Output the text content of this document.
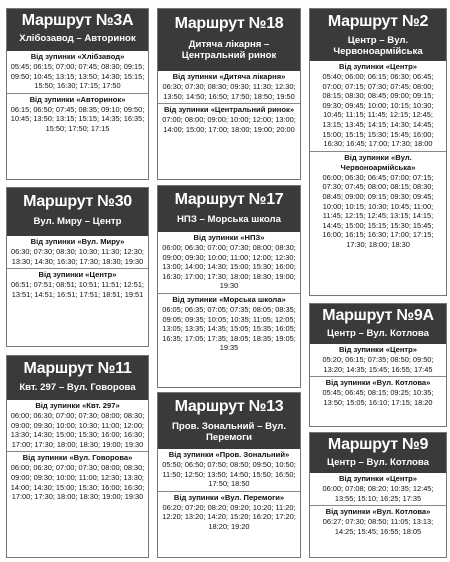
Маршрут №3А
Хлібозавод – Авторинок
Від зупинки «Хлібзавод»
05:45; 06:15; 07:00; 07:45; 08:30; 09:15; 09:50; 10:45; 13:15; 13:50; 14:30; 15:15; 15:50; 16:30; 17:15; 17:50
Від зупинки «Авторинок»
06:15; 06:50; 07:45; 08:35; 09:10; 09:50; 10:45; 13:50; 13:15; 15:15; 14:35; 16:35; 15:50; 17:50; 17:15
Маршрут №30
Вул. Миру – Центр
Від зупинки «Вул. Миру»
06:30; 07:30; 08:30; 10:30; 11:30; 12:30; 13:30; 14:30; 16:30; 17:30; 18:30; 19:30
Від зупинки «Центр»
06:51; 07:51; 08:51; 10:51; 11:51; 12:51; 13:51; 14:51; 16:51; 17:51; 18:51; 19:51
Маршрут №11
Квт. 297 – Вул. Говорова
Від зупинки «Квт. 297»
06:00; 06:30; 07:00; 07:30; 08:00; 08:30; 09:00; 09:30; 10:00; 10:30; 11:00; 12:00; 13:30; 14:30; 15:00; 15:30; 16:00; 16:30; 17:00; 17:30; 18:00; 18:30; 19:00; 19:30
Від зупинки «Вул. Говорова»
06:00; 06:30; 07:00; 07:30; 08:00; 08:30; 09:00; 09:30; 10:00; 11:00; 12:30; 13:30; 14:00; 14:30; 15:00; 15:30; 16:00; 16:30; 17:00; 17:30; 18:00; 18:30; 19:00; 19:30
Маршрут №18
Дитяча лікарня – Центральний ринок
Від зупинки «Дитяча лікарня»
06:30; 07:30; 08:30; 09:30; 11:30; 12:30; 13:50; 14:50; 16:50; 17:50; 18:50; 19:50
Від зупинки «Центральний ринок»
07:00; 08:00; 09:00; 10:00; 12:00; 13:00; 14:00; 15:00; 17:00; 18:00; 19:00; 20:00
Маршрут №17
НПЗ – Морська школа
Від зупинки «НПЗ»
06:00; 06:30; 07:00; 07:30; 08:00; 08:30; 09:00; 09:30; 10:00; 11:00; 12:00; 12:30; 13:00; 14:00; 14:30; 15:00; 15:30; 16:00; 16:30; 17:00; 17:30; 18:00; 18:30; 19:00; 19:30
Від зупинки «Морська школа»
06:05; 06:35; 07:05; 07:35; 08:05; 08:35; 09:05; 09:35; 10:05; 10:35; 11:05; 12:05; 13:05; 13:35; 14:35; 15:05; 15:35; 16:05; 16:35; 17:05; 17:35; 18:05; 18:35; 19:05; 19:35
Маршрут №13
Пров. Зональний – Вул. Перемоги
Від зупинки «Пров. Зональний»
05:50; 06:50; 07:50; 08:50; 09:50; 10:50; 11:50; 12:50; 13:50; 14:50; 15:50; 16:50; 17:50; 18:50
Від зупинки «Вул. Перемоги»
06:20; 07:20; 08:20; 09:20; 10:20; 11:20; 12:20; 13:20; 14:20; 15:20; 16:20; 17:20; 18:20; 19:20
Маршрут №2
Центр – Вул. Червоноармійська
Від зупинки «Центр»
05:40; 06:00; 06:15; 06:30; 06:45; 07:00; 07:15; 07:30; 07:45; 08:00; 08:15; 08:30; 08:45; 09:00; 09:15; 09:30; 09:45; 10:00; 10:15; 10:30; 10:45; 11:15; 11:45; 12:15; 12:45; 13:15; 13:45; 14:15; 14:30; 14:45; 15:00; 15:15; 15:30; 15:45; 16:00; 16:30; 16:45; 17:00; 17:30; 18:00
Від зупинки «Вул. Червоноармійська»
06:00; 06:30; 06:45; 07:00; 07:15; 07:30; 07:45; 08:00; 08:15; 08:30; 08:45; 09:00; 09:15; 09:30; 09:45; 10:00; 10:15; 10:30; 10:45; 11:00; 11:45; 12:15; 12:45; 13:15; 14:15; 14:45; 15:00; 15:15; 15:30; 15:45; 16:00; 16:15; 16:30; 17:00; 17:15; 17:30; 18:00; 18:30
Маршрут №9А
Центр – Вул. Котлова
Від зупинки «Центр»
05:20; 06:15; 07:35; 08:50; 09:50; 13:20; 14:35; 15:45; 16:55; 17:45
Від зупинки «Вул. Котлова»
05:45; 06:45; 08:15; 09:25; 10:35; 13:50; 15:05; 16:10; 17:15; 18:20
Маршрут №9
Центр – Вул. Котлова
Від зупинки «Центр»
06:00; 07:08; 08:20; 10:35; 12:45; 13:55; 15:10; 16:25; 17:35
Від зупинки «Вул. Котлова»
06:27; 07:30; 08:50; 11:05; 13:13; 14:25; 15:45; 16:55; 18:05
